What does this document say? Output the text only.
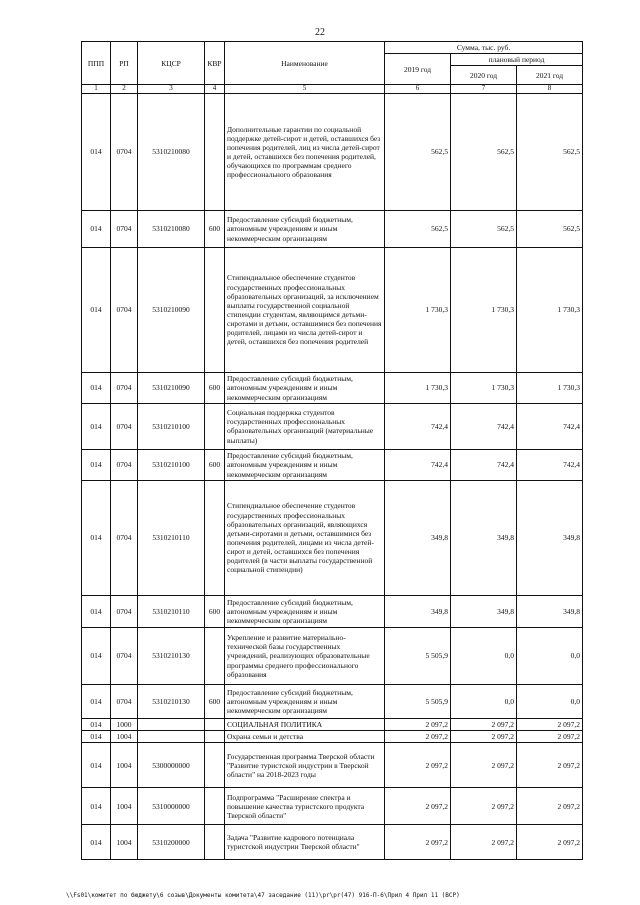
22
ППП	РП	КЦСР	КВР	Наименование	Сумма, тыс. руб.		
					2019 год	плановый период	
						2020 год	2021 год
1	2	3	4	5	6	7	8
014	0704	5310210080		Дополнительные гарантии по социальной поддержке детей-сирот и детей, оставшихся без попечения родителей, лиц из числа детей-сирот и детей, оставшихся без попечения родителей, обучающихся по программам среднего профессионального образования	562,5	562,5	562,5
014	0704	5310210080	600	Предоставление субсидий бюджетным, автономным учреждениям и иным некоммерческим организациям	562,5	562,5	562,5
014	0704	5310210090		Стипендиальное обеспечение студентов государственных профессиональных образовательных организаций, за исключением выплаты государственной социальной стипендии студентам, являющимся детьми-сиротами и детьми, оставшимися без попечения родителей, лицами из числа детей-сирот и детей, оставшихся без попечения родителей	1 730,3	1 730,3	1 730,3
014	0704	5310210090	600	Предоставление субсидий бюджетным, автономным учреждениям и иным некоммерческим организациям	1 730,3	1 730,3	1 730,3
014	0704	5310210100		Социальная поддержка студентов государственных профессиональных образовательных организаций (материальные выплаты)	742,4	742,4	742,4
014	0704	5310210100	600	Предоставление субсидий бюджетным, автономным учреждениям и иным некоммерческим организациям	742,4	742,4	742,4
014	0704	5310210110		Стипендиальное обеспечение студентов государственных профессиональных образовательных организаций, являющихся детьми-сиротами и детьми, оставшимися без попечения родителей, лицами из числа детей-сирот и детей, оставшихся без попечения родителей (в части выплаты государственной социальной стипендии)	349,8	349,8	349,8
014	0704	5310210110	600	Предоставление субсидий бюджетным, автономным учреждениям и иным некоммерческим организациям	349,8	349,8	349,8
014	0704	5310210130		Укрепление и развитие материально-технической базы государственных учреждений, реализующих образовательные программы среднего профессионального образования	5 505,9	0,0	0,0
014	0704	5310210130	600	Предоставление субсидий бюджетным, автономным учреждениям и иным некоммерческим организациям	5 505,9	0,0	0,0
014	1000			СОЦИАЛЬНАЯ ПОЛИТИКА	2 097,2	2 097,2	2 097,2
014	1004			Охрана семьи и детства	2 097,2	2 097,2	2 097,2
014	1004	5300000000		Государственная программа Тверской области "Развитие туристской индустрии в Тверской области" на 2018-2023 годы	2 097,2	2 097,2	2 097,2
014	1004	5310000000		Подпрограмма "Расширение спектра и повышение качества туристского продукта Тверской области"	2 097,2	2 097,2	2 097,2
014	1004	5310200000		Задача "Развитие кадрового потенциала туристской индустрии Тверской области"	2 097,2	2 097,2	2 097,2
\\Fs01\комитет по бюджету\6 созыв\Документы комитета\47 заседание (11)\pr\pr(47) 916-П-6\Прил 4 Прил 11 (ВСР)
